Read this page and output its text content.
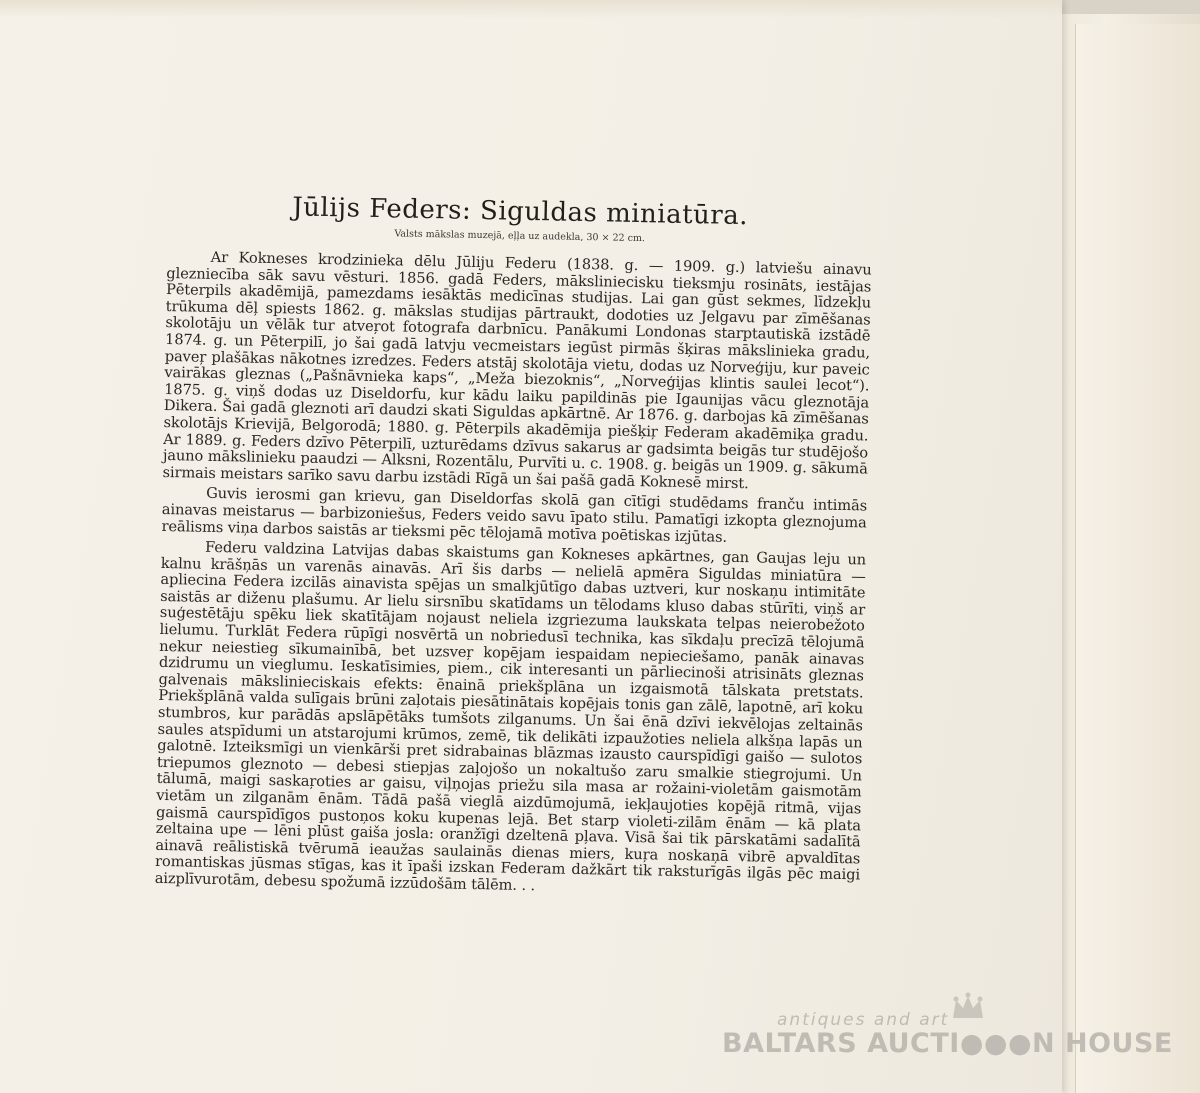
Jūlijs Feders: Siguldas miniatūra.
Valsts mākslas muzejā, eļļa uz audekla, 30 × 22 cm.

Ar Kokneses krodzinieka dēlu Jūliju Federu (1838. g. — 1909. g.) latviešu ainavu glezniecība sāk savu vēsturi. 1856. gadā Feders, māksliniecisku tieksmju rosināts, iestājas Pēterpils akadēmijā, pamezdams iesāktās medicīnas studijas. Lai gan gūst sekmes, līdzekļu trūkuma dēļ spiests 1862. g. mākslas studijas pārtraukt, dodoties uz Jelgavu par zīmēšanas skolotāju un vēlāk tur atveŗot fotografa darbnīcu. Panākumi Londonas starptautiskā izstādē 1874. g. un Pēterpilī, jo šai gadā latvju vecmeistars iegūst pirmās šķiras mākslinieka gradu, paveŗ plašākas nākotnes izredzes. Feders atstāj skolotāja vietu, dodas uz Norveģiju, kur paveic vairākas gleznas („Pašnāvnieka kaps“, „Meža biezoknis“, „Norveģijas klintis saulei lecot“). 1875. g. viņš dodas uz Diseldorfu, kur kādu laiku papildinās pie Igaunijas vācu gleznotāja Dikera. Šai gadā gleznoti arī daudzi skati Siguldas apkārtnē. Ar 1876. g. darbojas kā zīmēšanas skolotājs Krievijā, Belgorodā; 1880. g. Pēterpils akadēmija piešķiŗ Federam akadēmiķa gradu. Ar 1889. g. Feders dzīvo Pēterpilī, uzturēdams dzīvus sakarus ar gadsimta beigās tur studējošo jauno mākslinieku paaudzi — Alksni, Rozentālu, Purvīti u. c. 1908. g. beigās un 1909. g. sākumā sirmais meistars sarīko savu darbu izstādi Rīgā un šai pašā gadā Koknesē mirst.

Guvis ierosmi gan krievu, gan Diseldorfas skolā gan cītīgi studēdams franču intimās ainavas meistarus — barbizoniešus, Feders veido savu īpato stilu. Pamatīgi izkopta gleznojuma reālisms viņa darbos saistās ar tieksmi pēc tēlojamā motīva poētiskas izjūtas.

Federu valdzina Latvijas dabas skaistums gan Kokneses apkārtnes, gan Gaujas leju un kalnu krāšņās un varenās ainavās. Arī šis darbs — nelielā apmēra Siguldas miniatūra — apliecina Federa izcilās ainavista spējas un smalkjūtīgo dabas uztveri, kur noskaņu intimitāte saistās ar diženu plašumu. Ar lielu sirsnību skatīdams un tēlodams kluso dabas stūrīti, viņš ar suģestētāju spēku liek skatītājam nojaust neliela izgriezuma laukskata telpas neierobežoto lielumu. Turklāt Federa rūpīgi nosvērtā un nobriedusī technika, kas sīkdaļu precīzā tēlojumā nekur neiestieg sīkumainībā, bet uzsveŗ kopējam iespaidam nepieciešamo, panāk ainavas dzidrumu un vieglumu. Ieskatīsimies, piem., cik interesanti un pārliecinoši atrisināts gleznas galvenais mākslinieciskais efekts: ēnainā priekšplāna un izgaismotā tālskata pretstats. Priekšplānā valda sulīgais brūni zaļotais piesātinātais kopējais tonis gan zālē, lapotnē, arī koku stumbros, kur parādās apslāpētāks tumšots zilganums. Un šai ēnā dzīvi iekvēlojas zeltainās saules atspīdumi un atstarojumi krūmos, zemē, tik delikāti izpaužoties neliela alkšņa lapās un galotnē. Izteiksmīgi un vienkārši pret sidrabainas blāzmas izausto caurspīdīgi gaišo — sulotos triepumos gleznoto — debesi stiepjas zaļojošo un nokaltušo zaru smalkie stiegrojumi. Un tālumā, maigi saskaŗoties ar gaisu, viļņojas priežu sila masa ar rožaini-violetām gaismotām vietām un zilganām ēnām. Tādā pašā vieglā aizdūmojumā, iekļaujoties kopējā ritmā, vijas gaismā caurspīdīgos pustoņos koku kupenas lejā. Bet starp violeti-zilām ēnām — kā plata zeltaina upe — lēni plūst gaiša josla: oranžīgi dzeltenā pļava. Visā šai tik pārskatāmi sadalītā ainavā reālistiskā tvērumā ieaužas saulainās dienas miers, kuŗa noskaņā vibrē apvaldītas romantiskas jūsmas stīgas, kas it īpaši izskan Federam dažkārt tik raksturīgās ilgās pēc maigi aizplīvurotām, debesu spožumā izzūdošām tālēm. . .

antiques and art
BALTARS AUCTI●●●N HOUSE
